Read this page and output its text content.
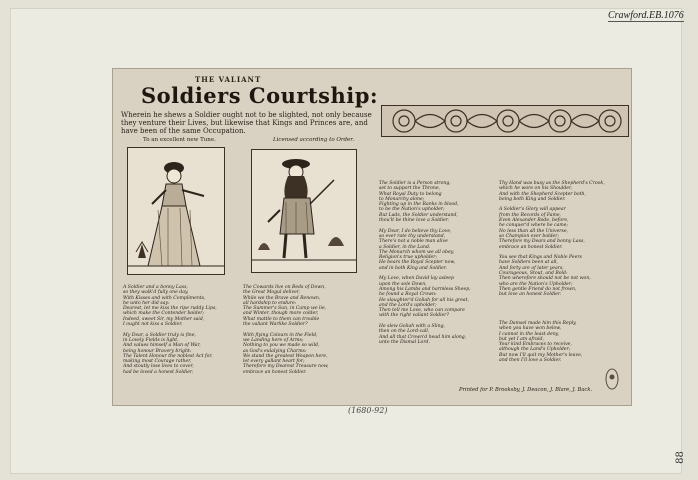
Crawford.EB.1076
88
(1680-92)
THE VALIANT
Soldiers Courtship:
Wherein he shews a Soldier ought not to be slighted, not only because they venture their Lives, but likewise that Kings and Princes are, and have been of the same Occupation.
To an excellent new Tune.	Licensed according to Order.
A Soldier and a bonny Lass,
so they walk'd fully one day,
With Kisses and with Compliments,
he unto her did say:
Dearest, let me kiss the ripe ruddy Lips,
which make the Contender bolder;
Indeed, sweet Sir, my Mother said,
I ought not kiss a Soldier.

My Dear, a Soldier truly is fine,
in Lovely Fields is light,
And values himself a Man of War,
being honour Bravery bright:
The Talent Honour the noblest Act for,
making most Courage rather,
And stoutly lose lives to cover,
had be loved a honest Soldier.
The Cowards live on Beds of Down,
the Great Mogul deliver,
While we the Brave and Renown,
all hardship to endure:
The Summer's Sun, in Camp we lie,
and Winter, though more colder,
What mattle to them can trouble
the valiant Warlike Soldier?

With flying Colours in the Field,
we Landing here of Arms;
Nothing to you we made so wild,
as God's eulalying Charms:
We stand the greatest Weapon here,
let every gallant heart for;
Therefore my Dearest Treasure now,
embrace an honest Soldier.
The Soldier is a Person strong,
set to support the Throne,
What Royal Duty to belong
to Monarchy alone;
Fighting up in the Ranks in blood,
to be the Nation's upholder;
But Lads, the Soldier understand,
thou'lt be thine love a Soldier.

My Dear, I do believe thy Love,
so ever rate thy understand,
There's not a noble man alive
a Soldier, in the Land.
The Monarch whom we all obey,
Religion's true upholder;
He bears the Royal Scepter now,
and in both King and Soldier.

My Love, when David lay asleep
upon the sole Down,
Among his Lambs and harmless Sheep,
he found a Royal Crown:
He slaughter'd Goliah for all his great,
and the Lord's upholder;
Then tell me Love, who can compare
with the right valiant Soldier?

He slew Goliah with a Sling,
then on the Lord-call,
And all that Crown'd head him along,
unto the Dismal Lord.
Thy Hand was busy as the Shepherd's Crook,
which he wore on his Shoulder,
And with the Shepherd Scepter both,
being both King and Soldier.

A Soldier's Glory will appear
from the Records of Fame,
Even Alexander Rode, before,
he conquer'd where he came;
No less than all the Universe,
so Champion ever bolder;
Therefore my Dears and bonny Lass,
embrace an honest Soldier.

You see that Kings and Noble Peers
have Soldiers been at all,
And forty are of later years,
Courageous, Stout, and Bold:
Then wherefore should not be not won,
who are the Nation's Upholder;
Then gentle Friend do not frown,
but love an honest Soldier.
The Damsel made him this Reply,
when you have won below,
I cannot in the least deny,
but yet I am afraid,
Your kind Embraces to receive,
although the Land's Upholder;
But now I'll quit my Mother's leave,
and then I'll love a Soldier.
Printed for P. Brooksby, J. Deacon, J. Blare, J. Back.
